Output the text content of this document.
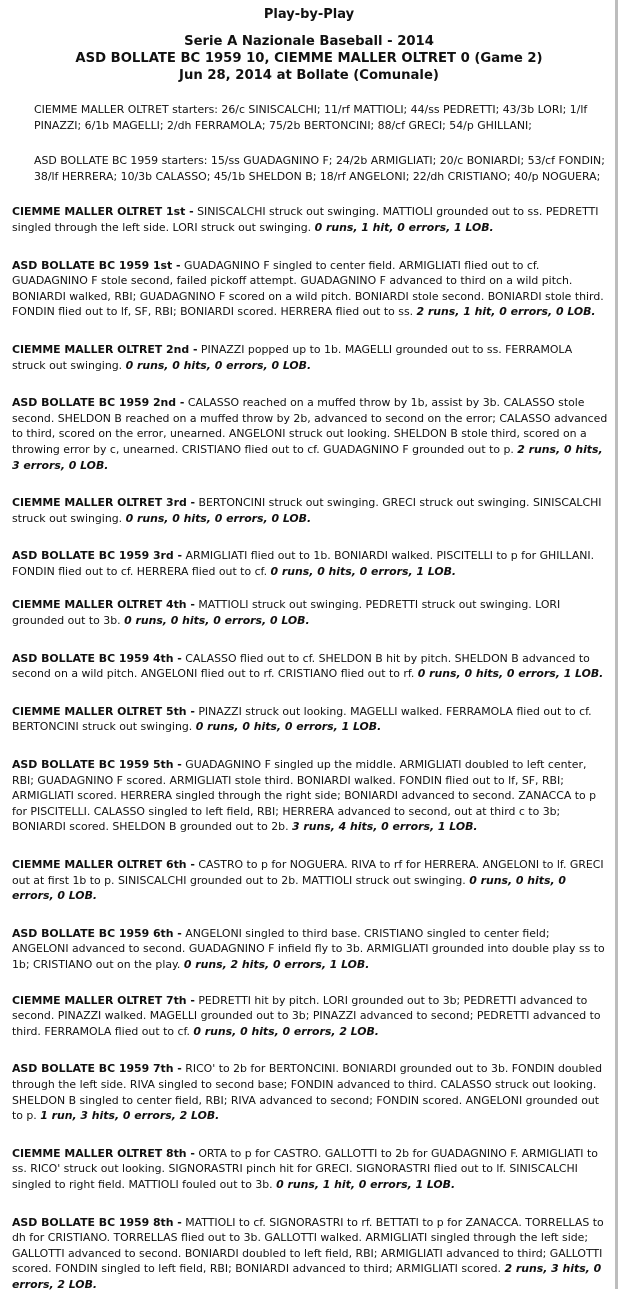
Play-by-Play
Serie A Nazionale Baseball - 2014
ASD BOLLATE BC 1959 10, CIEMME MALLER OLTRET 0 (Game 2)
Jun 28, 2014 at Bollate (Comunale)

CIEMME MALLER OLTRET starters: 26/c SINISCALCHI; 11/rf MATTIOLI; 44/ss PEDRETTI; 43/3b LORI; 1/lf PINAZZI; 6/1b MAGELLI; 2/dh FERRAMOLA; 75/2b BERTONCINI; 88/cf GRECI; 54/p GHILLANI;

ASD BOLLATE BC 1959 starters: 15/ss GUADAGNINO F; 24/2b ARMIGLIATI; 20/c BONIARDI; 53/cf FONDIN; 38/lf HERRERA; 10/3b CALASSO; 45/1b SHELDON B; 18/rf ANGELONI; 22/dh CRISTIANO; 40/p NOGUERA;

CIEMME MALLER OLTRET 1st - SINISCALCHI struck out swinging. MATTIOLI grounded out to ss. PEDRETTI singled through the left side. LORI struck out swinging. 0 runs, 1 hit, 0 errors, 1 LOB.

ASD BOLLATE BC 1959 1st - GUADAGNINO F singled to center field. ARMIGLIATI flied out to cf. GUADAGNINO F stole second, failed pickoff attempt. GUADAGNINO F advanced to third on a wild pitch. BONIARDI walked, RBI; GUADAGNINO F scored on a wild pitch. BONIARDI stole second. BONIARDI stole third. FONDIN flied out to lf, SF, RBI; BONIARDI scored. HERRERA flied out to ss. 2 runs, 1 hit, 0 errors, 0 LOB.

CIEMME MALLER OLTRET 2nd - PINAZZI popped up to 1b. MAGELLI grounded out to ss. FERRAMOLA struck out swinging. 0 runs, 0 hits, 0 errors, 0 LOB.

ASD BOLLATE BC 1959 2nd - CALASSO reached on a muffed throw by 1b, assist by 3b. CALASSO stole second. SHELDON B reached on a muffed throw by 2b, advanced to second on the error; CALASSO advanced to third, scored on the error, unearned. ANGELONI struck out looking. SHELDON B stole third, scored on a throwing error by c, unearned. CRISTIANO flied out to cf. GUADAGNINO F grounded out to p. 2 runs, 0 hits, 3 errors, 0 LOB.

CIEMME MALLER OLTRET 3rd - BERTONCINI struck out swinging. GRECI struck out swinging. SINISCALCHI struck out swinging. 0 runs, 0 hits, 0 errors, 0 LOB.

ASD BOLLATE BC 1959 3rd - ARMIGLIATI flied out to 1b. BONIARDI walked. PISCITELLI to p for GHILLANI. FONDIN flied out to cf. HERRERA flied out to cf. 0 runs, 0 hits, 0 errors, 1 LOB.

CIEMME MALLER OLTRET 4th - MATTIOLI struck out swinging. PEDRETTI struck out swinging. LORI grounded out to 3b. 0 runs, 0 hits, 0 errors, 0 LOB.

ASD BOLLATE BC 1959 4th - CALASSO flied out to cf. SHELDON B hit by pitch. SHELDON B advanced to second on a wild pitch. ANGELONI flied out to rf. CRISTIANO flied out to rf. 0 runs, 0 hits, 0 errors, 1 LOB.

CIEMME MALLER OLTRET 5th - PINAZZI struck out looking. MAGELLI walked. FERRAMOLA flied out to cf. BERTONCINI struck out swinging. 0 runs, 0 hits, 0 errors, 1 LOB.

ASD BOLLATE BC 1959 5th - GUADAGNINO F singled up the middle. ARMIGLIATI doubled to left center, RBI; GUADAGNINO F scored. ARMIGLIATI stole third. BONIARDI walked. FONDIN flied out to lf, SF, RBI; ARMIGLIATI scored. HERRERA singled through the right side; BONIARDI advanced to second. ZANACCA to p for PISCITELLI. CALASSO singled to left field, RBI; HERRERA advanced to second, out at third c to 3b; BONIARDI scored. SHELDON B grounded out to 2b. 3 runs, 4 hits, 0 errors, 1 LOB.

CIEMME MALLER OLTRET 6th - CASTRO to p for NOGUERA. RIVA to rf for HERRERA. ANGELONI to lf. GRECI out at first 1b to p. SINISCALCHI grounded out to 2b. MATTIOLI struck out swinging. 0 runs, 0 hits, 0 errors, 0 LOB.

ASD BOLLATE BC 1959 6th - ANGELONI singled to third base. CRISTIANO singled to center field; ANGELONI advanced to second. GUADAGNINO F infield fly to 3b. ARMIGLIATI grounded into double play ss to 1b; CRISTIANO out on the play. 0 runs, 2 hits, 0 errors, 1 LOB.

CIEMME MALLER OLTRET 7th - PEDRETTI hit by pitch. LORI grounded out to 3b; PEDRETTI advanced to second. PINAZZI walked. MAGELLI grounded out to 3b; PINAZZI advanced to second; PEDRETTI advanced to third. FERRAMOLA flied out to cf. 0 runs, 0 hits, 0 errors, 2 LOB.

ASD BOLLATE BC 1959 7th - RICO' to 2b for BERTONCINI. BONIARDI grounded out to 3b. FONDIN doubled through the left side. RIVA singled to second base; FONDIN advanced to third. CALASSO struck out looking. SHELDON B singled to center field, RBI; RIVA advanced to second; FONDIN scored. ANGELONI grounded out to p. 1 run, 3 hits, 0 errors, 2 LOB.

CIEMME MALLER OLTRET 8th - ORTA to p for CASTRO. GALLOTTI to 2b for GUADAGNINO F. ARMIGLIATI to ss. RICO' struck out looking. SIGNORASTRI pinch hit for GRECI. SIGNORASTRI flied out to lf. SINISCALCHI singled to right field. MATTIOLI fouled out to 3b. 0 runs, 1 hit, 0 errors, 1 LOB.

ASD BOLLATE BC 1959 8th - MATTIOLI to cf. SIGNORASTRI to rf. BETTATI to p for ZANACCA. TORRELLAS to dh for CRISTIANO. TORRELLAS flied out to 3b. GALLOTTI walked. ARMIGLIATI singled through the left side; GALLOTTI advanced to second. BONIARDI doubled to left field, RBI; ARMIGLIATI advanced to third; GALLOTTI scored. FONDIN singled to left field, RBI; BONIARDI advanced to third; ARMIGLIATI scored. 2 runs, 3 hits, 0 errors, 2 LOB.
